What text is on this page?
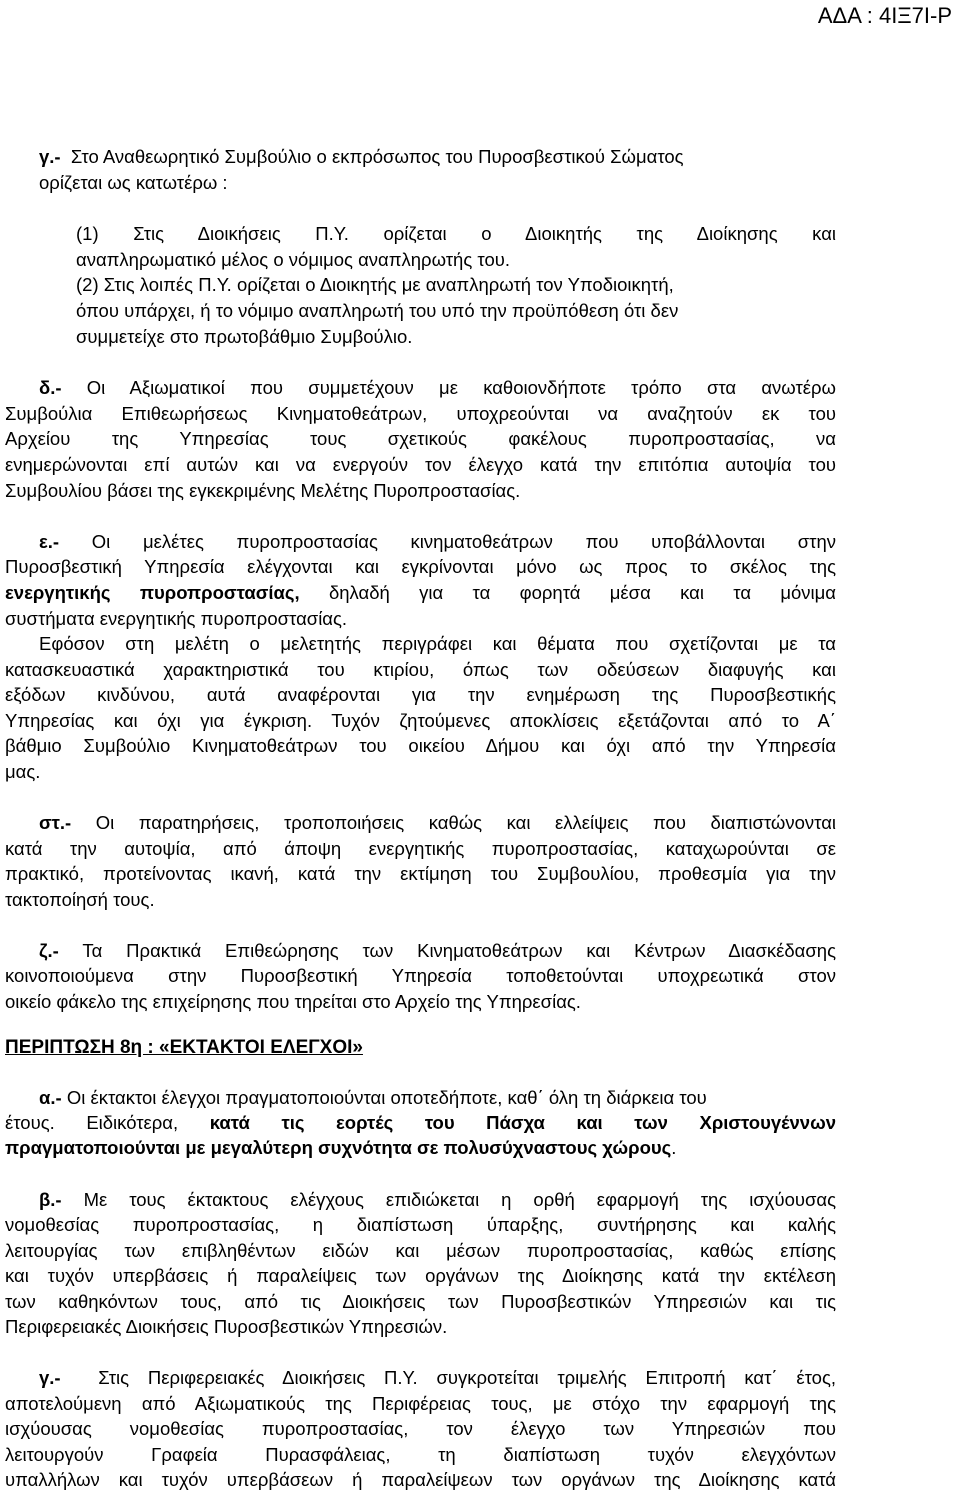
ΑΔΑ : 4ΙΞ7Ι-Ρ
γ.- Στο Αναθεωρητικό Συμβούλιο ο εκπρόσωπος του Πυροσβεστικού Σώματος
ορίζεται ως κατωτέρω :
(1) Στις Διοικήσεις Π.Υ. ορίζεται ο Διοικητής της Διοίκησης και
αναπληρωματικό μέλος ο νόμιμος αναπληρωτής του.
(2) Στις λοιπές Π.Υ. ορίζεται ο Διοικητής με αναπληρωτή τον Υποδιοικητή,
όπου υπάρχει, ή το νόμιμο αναπληρωτή του υπό την προϋπόθεση ότι δεν
συμμετείχε στο πρωτοβάθμιο Συμβούλιο.
δ.- Οι Αξιωματικοί που συμμετέχουν με καθοιονδήποτε τρόπο στα ανωτέρω
Συμβούλια Επιθεωρήσεως Κινηματοθεάτρων, υποχρεούνται να αναζητούν εκ του
Αρχείου της Υπηρεσίας τους σχετικούς φακέλους πυροπροστασίας, να
ενημερώνονται επί αυτών και να ενεργούν τον έλεγχο κατά την επιτόπια αυτοψία του
Συμβουλίου βάσει της εγκεκριμένης Μελέτης Πυροπροστασίας.
ε.- Οι μελέτες πυροπροστασίας κινηματοθεάτρων που υποβάλλονται στην
Πυροσβεστική Υπηρεσία ελέγχονται και εγκρίνονται μόνο ως προς το σκέλος της
ενεργητικής πυροπροστασίας, δηλαδή για τα φορητά μέσα και τα μόνιμα
συστήματα ενεργητικής πυροπροστασίας.
Εφόσον στη μελέτη ο μελετητής περιγράφει και θέματα που σχετίζονται με τα
κατασκευαστικά χαρακτηριστικά του κτιρίου, όπως των οδεύσεων διαφυγής και
εξόδων κινδύνου, αυτά αναφέρονται για την ενημέρωση της Πυροσβεστικής
Υπηρεσίας και όχι για έγκριση. Τυχόν ζητούμενες αποκλίσεις εξετάζονται από το Α΄
βάθμιο Συμβούλιο Κινηματοθεάτρων του οικείου Δήμου και όχι από την Υπηρεσία
μας.
στ.- Οι παρατηρήσεις, τροποποιήσεις καθώς και ελλείψεις που διαπιστώνονται
κατά την αυτοψία, από άποψη ενεργητικής πυροπροστασίας, καταχωρούνται σε
πρακτικό, προτείνοντας ικανή, κατά την εκτίμηση του Συμβουλίου, προθεσμία για την
τακτοποίησή τους.
ζ.- Τα Πρακτικά Επιθεώρησης των Κινηματοθεάτρων και Κέντρων Διασκέδασης
κοινοποιούμενα στην Πυροσβεστική Υπηρεσία τοποθετούνται υποχρεωτικά στον
οικείο φάκελο της επιχείρησης που τηρείται στο Αρχείο της Υπηρεσίας.
ΠΕΡΙΠΤΩΣΗ 8η : «ΕΚΤΑΚΤΟΙ ΕΛΕΓΧΟΙ»
α.- Οι έκτακτοι έλεγχοι πραγματοποιούνται οποτεδήποτε, καθ΄ όλη τη διάρκεια του
έτους. Ειδικότερα, κατά τις εορτές του Πάσχα και των Χριστουγέννων
πραγματοποιούνται με μεγαλύτερη συχνότητα σε πολυσύχναστους χώρους.
β.- Με τους έκτακτους ελέγχους επιδιώκεται η ορθή εφαρμογή της ισχύουσας
νομοθεσίας πυροπροστασίας, η διαπίστωση ύπαρξης, συντήρησης και καλής
λειτουργίας των επιβληθέντων ειδών και μέσων πυροπροστασίας, καθώς επίσης
και τυχόν υπερβάσεις ή παραλείψεις των οργάνων της Διοίκησης κατά την εκτέλεση
των καθηκόντων τους, από τις Διοικήσεις των Πυροσβεστικών Υπηρεσιών και τις
Περιφερειακές Διοικήσεις Πυροσβεστικών Υπηρεσιών.
γ.- Στις Περιφερειακές Διοικήσεις Π.Υ. συγκροτείται τριμελής Επιτροπή κατ΄ έτος,
αποτελούμενη από Αξιωματικούς της Περιφέρειας τους, με στόχο την εφαρμογή της
ισχύουσας νομοθεσίας πυροπροστασίας, τον έλεγχο των Υπηρεσιών που
λειτουργούν Γραφεία Πυρασφάλειας, τη διαπίστωση τυχόν ελεγχόντων
υπαλλήλων και τυχόν υπερβάσεων ή παραλείψεων των οργάνων της Διοίκησης κατά
